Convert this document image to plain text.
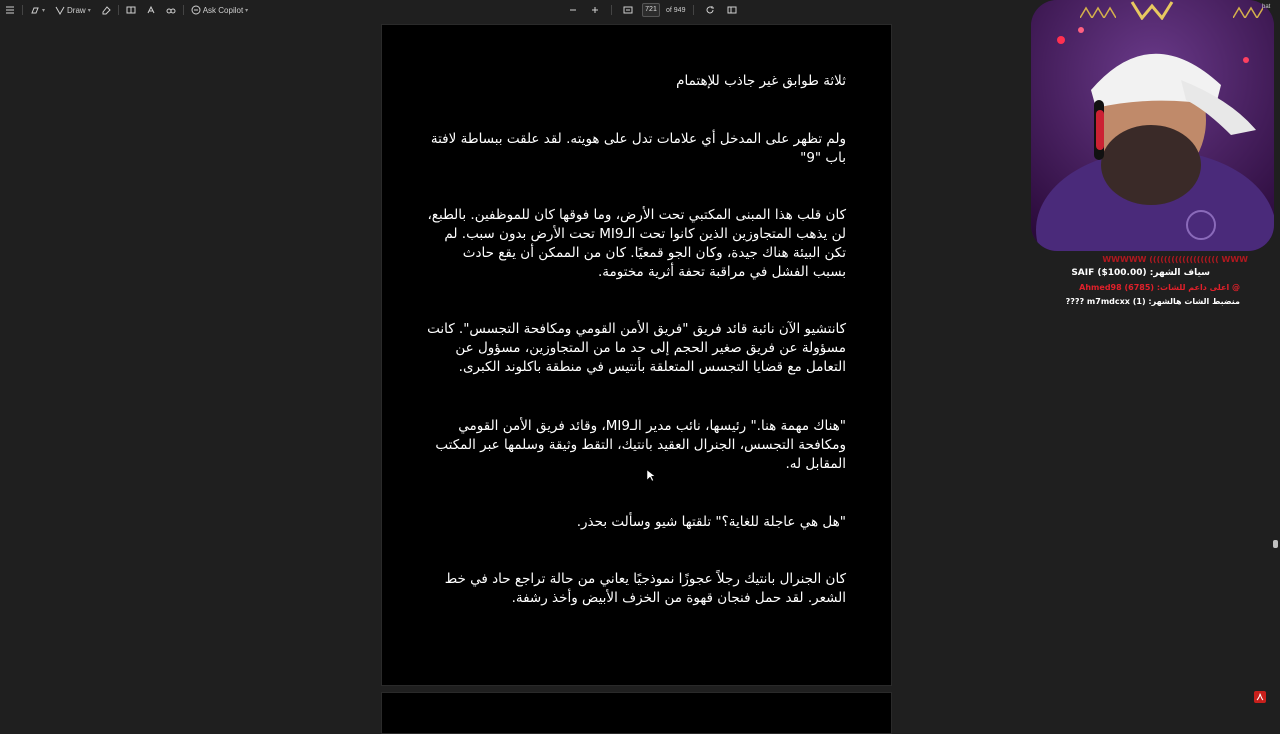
▾	Draw ▾	Ask Copilot ▾
721	of 949

ثلاثة طوابق غير جاذب للإهتمام

ولم تظهر على المدخل أي علامات تدل على هويته. لقد علقت ببساطة لافتة باب "9"

كان قلب هذا المبنى المكتبي تحت الأرض، وما فوقها كان للموظفين. بالطبع، لن يذهب المتجاوزين الذين كانوا تحت الـMI9 تحت الأرض بدون سبب. لم تكن البيئة هناك جيدة، وكان الجو قمعيًا. كان من الممكن أن يقع حادث بسبب الفشل في مراقبة تحفة أثرية مختومة.

كانتشيو الآن نائبة قائد فريق "فريق الأمن القومي ومكافحة التجسس". كانت مسؤولة عن فريق صغير الحجم إلى حد ما من المتجاوزين، مسؤول عن التعامل مع قضايا التجسس المتعلقة بأنتيس في منطقة باكلوند الكبرى.

"هناك مهمة هنا." رئيسها، نائب مدير الـMI9، وقائد فريق الأمن القومي ومكافحة التجسس، الجنرال العقيد بانتيك، التقط وثيقة وسلمها عبر المكتب المقابل له.

"هل هي عاجلة للغاية؟" تلقتها شيو وسألت بحذر.

كان الجنرال بانتيك رجلاً عجوزًا نموذجيًا يعاني من حالة تراجع حاد في خط الشعر. لقد حمل فنجان قهوة من الخزف الأبيض وأخذ رشفة.

bat
WWWWW ((((((((((((((((((( WWW
سياف الشهر: SAIF ($100.00)
@ اعلى داعم للشات: Ahmed98 (6785)
منضبط الشات هالشهر: m7mdcxx (1) ????
